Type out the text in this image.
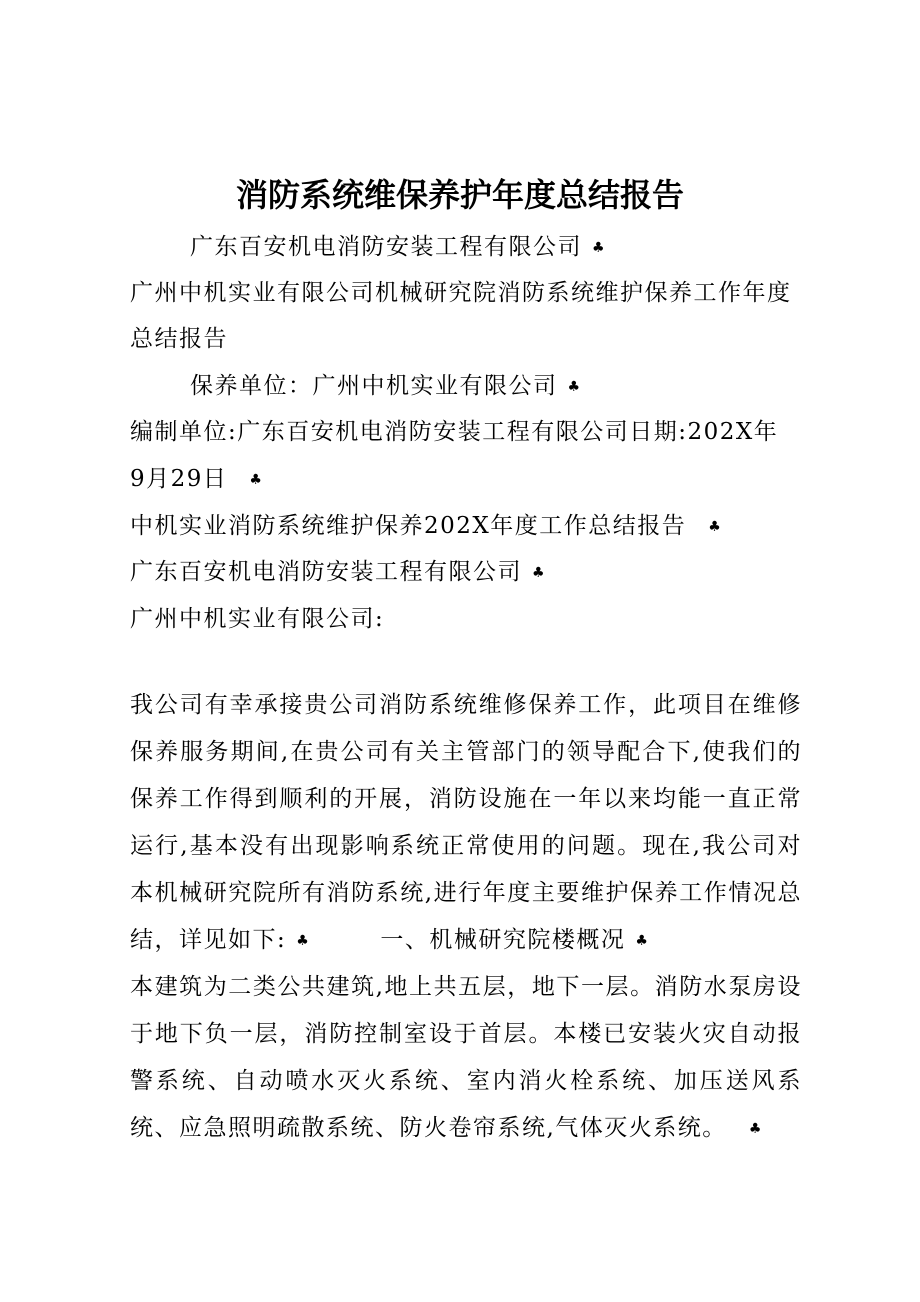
消防系统维保养护年度总结报告
广东百安机电消防安装工程有限公司 ♣
广州中机实业有限公司机械研究院消防系统维护保养工作年度
总结报告
保养单位：广州中机实业有限公司 ♣
编制单位:广东百安机电消防安装工程有限公司日期:202X年
9月29日 ♣
中机实业消防系统维护保养202X年度工作总结报告 ♣
广东百安机电消防安装工程有限公司 ♣
广州中机实业有限公司:
我公司有幸承接贵公司消防系统维修保养工作，此项目在维修保养服务期间,在贵公司有关主管部门的领导配合下,使我们的保养工作得到顺利的开展，消防设施在一年以来均能一直正常运行,基本没有出现影响系统正常使用的问题。现在,我公司对本机械研究院所有消防系统,进行年度主要维护保养工作情况总结，详见如下: ♣	一、机械研究院楼概况 ♣
本建筑为二类公共建筑,地上共五层，地下一层。消防水泵房设于地下负一层，消防控制室设于首层。本楼已安装火灾自动报警系统、自动喷水灭火系统、室内消火栓系统、加压送风系统、应急照明疏散系统、防火卷帘系统,气体灭火系统。 ♣
